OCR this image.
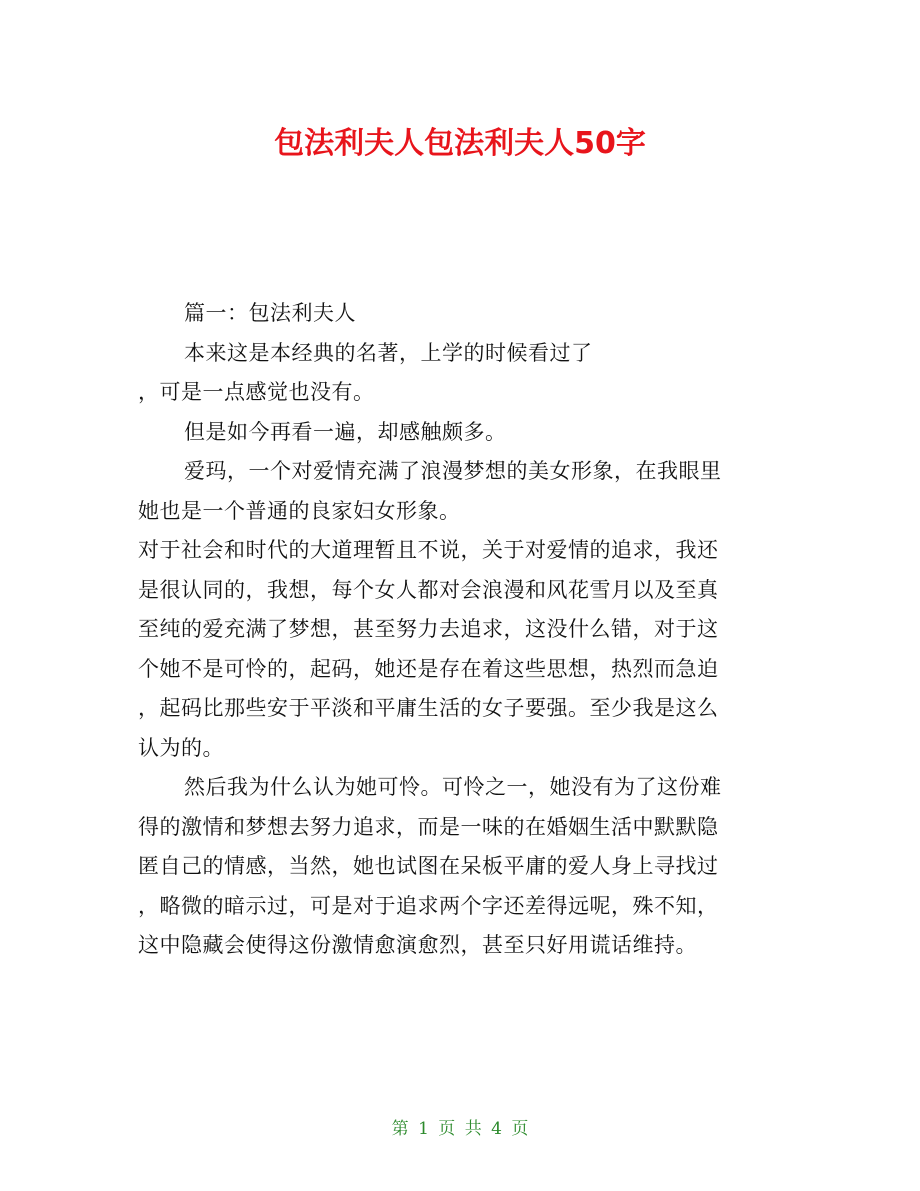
包法利夫人包法利夫人50字
篇一：包法利夫人
本来这是本经典的名著，上学的时候看过了
，可是一点感觉也没有。
但是如今再看一遍，却感触颇多。
爱玛，一个对爱情充满了浪漫梦想的美女形象，在我眼里
她也是一个普通的良家妇女形象。
对于社会和时代的大道理暂且不说，关于对爱情的追求，我还
是很认同的，我想，每个女人都对会浪漫和风花雪月以及至真
至纯的爱充满了梦想，甚至努力去追求，这没什么错，对于这
个她不是可怜的，起码，她还是存在着这些思想，热烈而急迫
，起码比那些安于平淡和平庸生活的女子要强。至少我是这么
认为的。
然后我为什么认为她可怜。可怜之一，她没有为了这份难
得的激情和梦想去努力追求，而是一味的在婚姻生活中默默隐
匿自己的情感，当然，她也试图在呆板平庸的爱人身上寻找过
，略微的暗示过，可是对于追求两个字还差得远呢，殊不知，
这中隐藏会使得这份激情愈演愈烈，甚至只好用谎话维持。
第 1 页 共 4 页
